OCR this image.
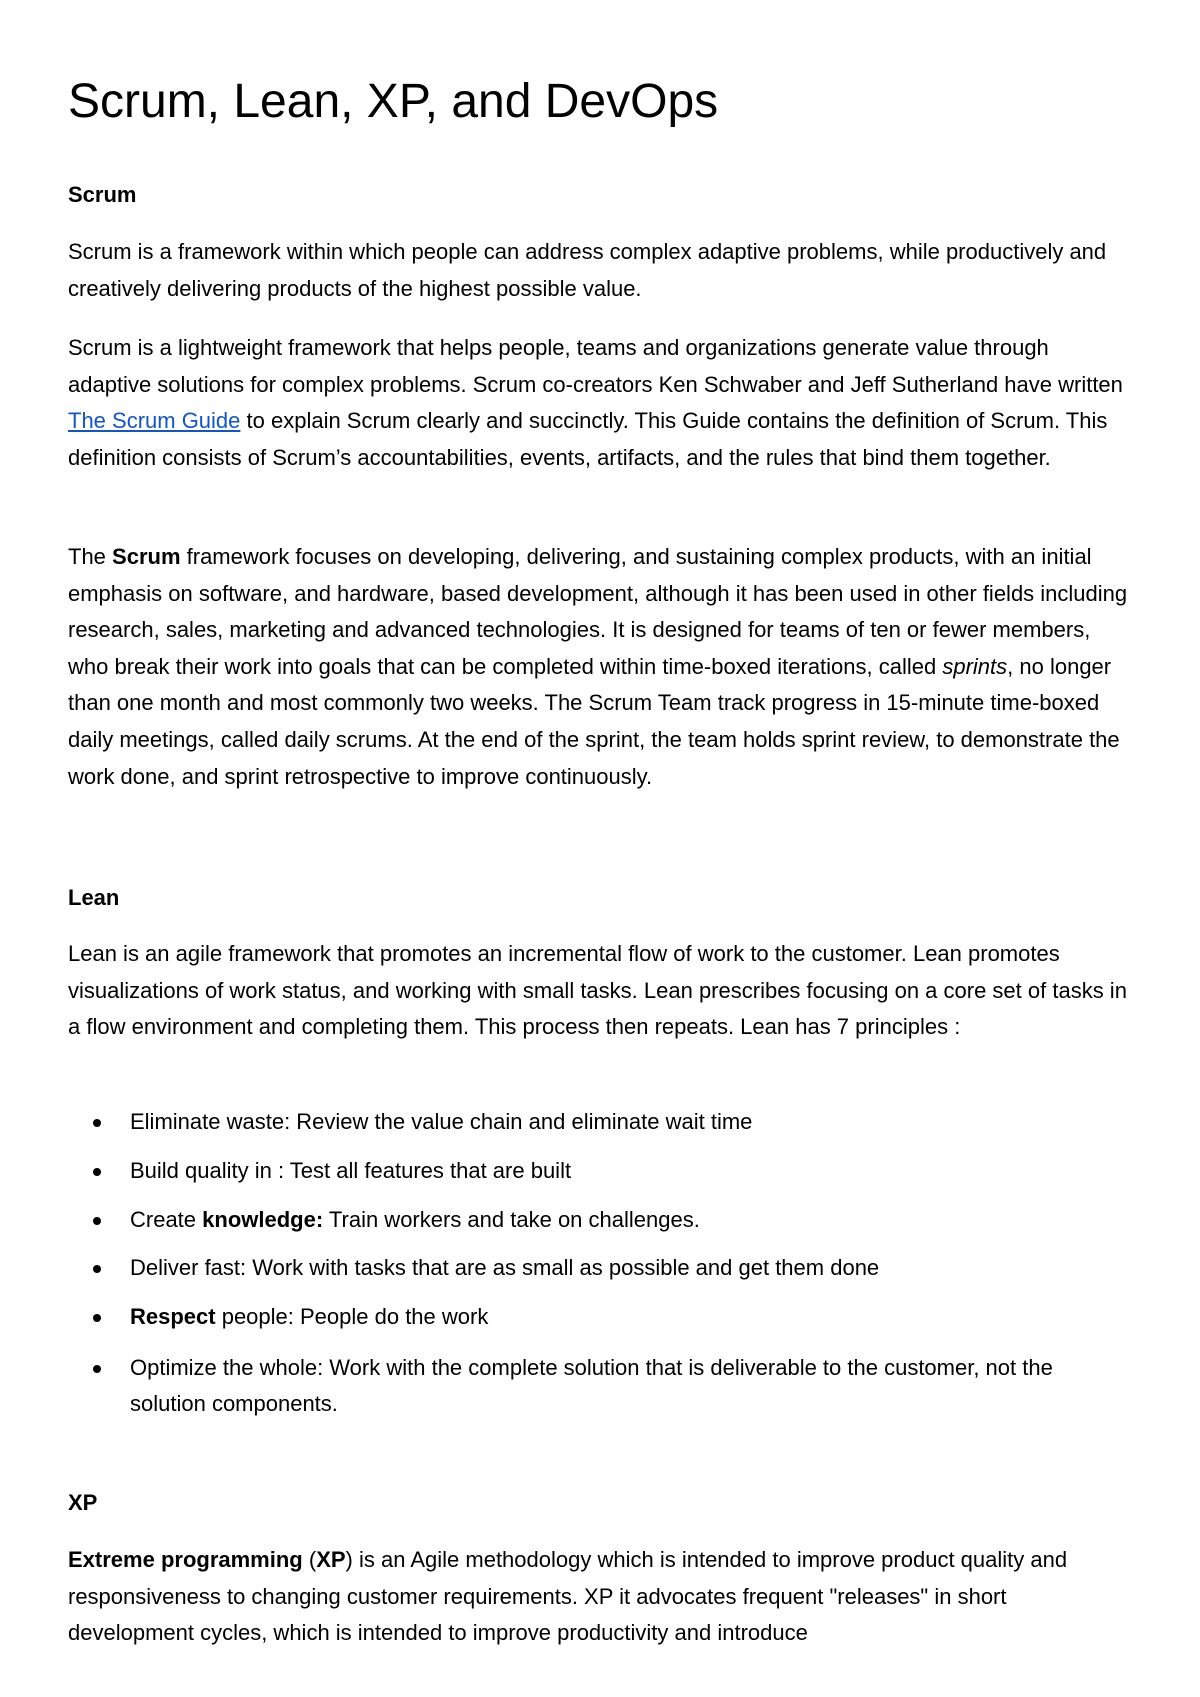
Scrum, Lean, XP, and DevOps
Scrum

Scrum is a framework within which people can address complex adaptive problems, while productively and creatively delivering products of the highest possible value.

Scrum is a lightweight framework that helps people, teams and organizations generate value through adaptive solutions for complex problems. Scrum co-creators Ken Schwaber and Jeff Sutherland have written The Scrum Guide to explain Scrum clearly and succinctly. This Guide contains the definition of Scrum. This definition consists of Scrum’s accountabilities, events, artifacts, and the rules that bind them together.

The Scrum framework focuses on developing, delivering, and sustaining complex products, with an initial emphasis on software, and hardware, based development, although it has been used in other fields including research, sales, marketing and advanced technologies. It is designed for teams of ten or fewer members, who break their work into goals that can be completed within time-boxed iterations, called sprints, no longer than one month and most commonly two weeks. The Scrum Team track progress in 15-minute time-boxed daily meetings, called daily scrums. At the end of the sprint, the team holds sprint review, to demonstrate the work done, and sprint retrospective to improve continuously.

Lean

Lean is an agile framework that promotes an incremental flow of work to the customer. Lean promotes visualizations of work status, and working with small tasks. Lean prescribes focusing on a core set of tasks in a flow environment and completing them. This process then repeats. Lean has 7 principles :

Eliminate waste: Review the value chain and eliminate wait time
Build quality in : Test all features that are built
Create knowledge: Train workers and take on challenges.
Deliver fast: Work with tasks that are as small as possible and get them done
Respect people: People do the work
Optimize the whole: Work with the complete solution that is deliverable to the customer, not the solution components.
XP

Extreme programming (XP) is an Agile methodology which is intended to improve product quality and responsiveness to changing customer requirements. XP it advocates frequent "releases" in short development cycles, which is intended to improve productivity and introduce
